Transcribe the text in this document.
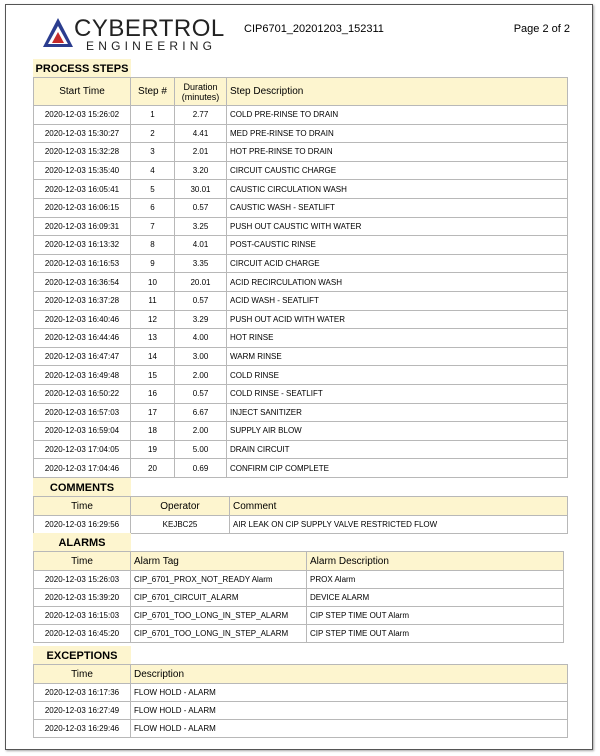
CYBERTROL
ENGINEERING
CIP6701_20201203_152311	Page 2 of 2
PROCESS STEPS
Start Time	Step #	Duration (minutes)	Step Description
2020-12-03 15:26:02	1	2.77	COLD PRE-RINSE TO DRAIN
2020-12-03 15:30:27	2	4.41	MED PRE-RINSE TO DRAIN
2020-12-03 15:32:28	3	2.01	HOT PRE-RINSE TO DRAIN
2020-12-03 15:35:40	4	3.20	CIRCUIT CAUSTIC CHARGE
2020-12-03 16:05:41	5	30.01	CAUSTIC CIRCULATION WASH
2020-12-03 16:06:15	6	0.57	CAUSTIC WASH - SEATLIFT
2020-12-03 16:09:31	7	3.25	PUSH OUT CAUSTIC WITH WATER
2020-12-03 16:13:32	8	4.01	POST-CAUSTIC RINSE
2020-12-03 16:16:53	9	3.35	CIRCUIT ACID CHARGE
2020-12-03 16:36:54	10	20.01	ACID RECIRCULATION WASH
2020-12-03 16:37:28	11	0.57	ACID WASH - SEATLIFT
2020-12-03 16:40:46	12	3.29	PUSH OUT ACID WITH WATER
2020-12-03 16:44:46	13	4.00	HOT RINSE
2020-12-03 16:47:47	14	3.00	WARM RINSE
2020-12-03 16:49:48	15	2.00	COLD RINSE
2020-12-03 16:50:22	16	0.57	COLD RINSE - SEATLIFT
2020-12-03 16:57:03	17	6.67	INJECT SANITIZER
2020-12-03 16:59:04	18	2.00	SUPPLY AIR BLOW
2020-12-03 17:04:05	19	5.00	DRAIN CIRCUIT
2020-12-03 17:04:46	20	0.69	CONFIRM CIP COMPLETE
COMMENTS
Time	Operator	Comment
2020-12-03 16:29:56	KEJBC25	AIR LEAK ON CIP SUPPLY VALVE RESTRICTED FLOW
ALARMS
Time	Alarm Tag	Alarm Description
2020-12-03 15:26:03	CIP_6701_PROX_NOT_READY Alarm	PROX Alarm
2020-12-03 15:39:20	CIP_6701_CIRCUIT_ALARM	DEVICE ALARM
2020-12-03 16:15:03	CIP_6701_TOO_LONG_IN_STEP_ALARM	CIP STEP TIME OUT Alarm
2020-12-03 16:45:20	CIP_6701_TOO_LONG_IN_STEP_ALARM	CIP STEP TIME OUT Alarm
EXCEPTIONS
Time	Description
2020-12-03 16:17:36	FLOW HOLD - ALARM
2020-12-03 16:27:49	FLOW HOLD - ALARM
2020-12-03 16:29:46	FLOW HOLD - ALARM
